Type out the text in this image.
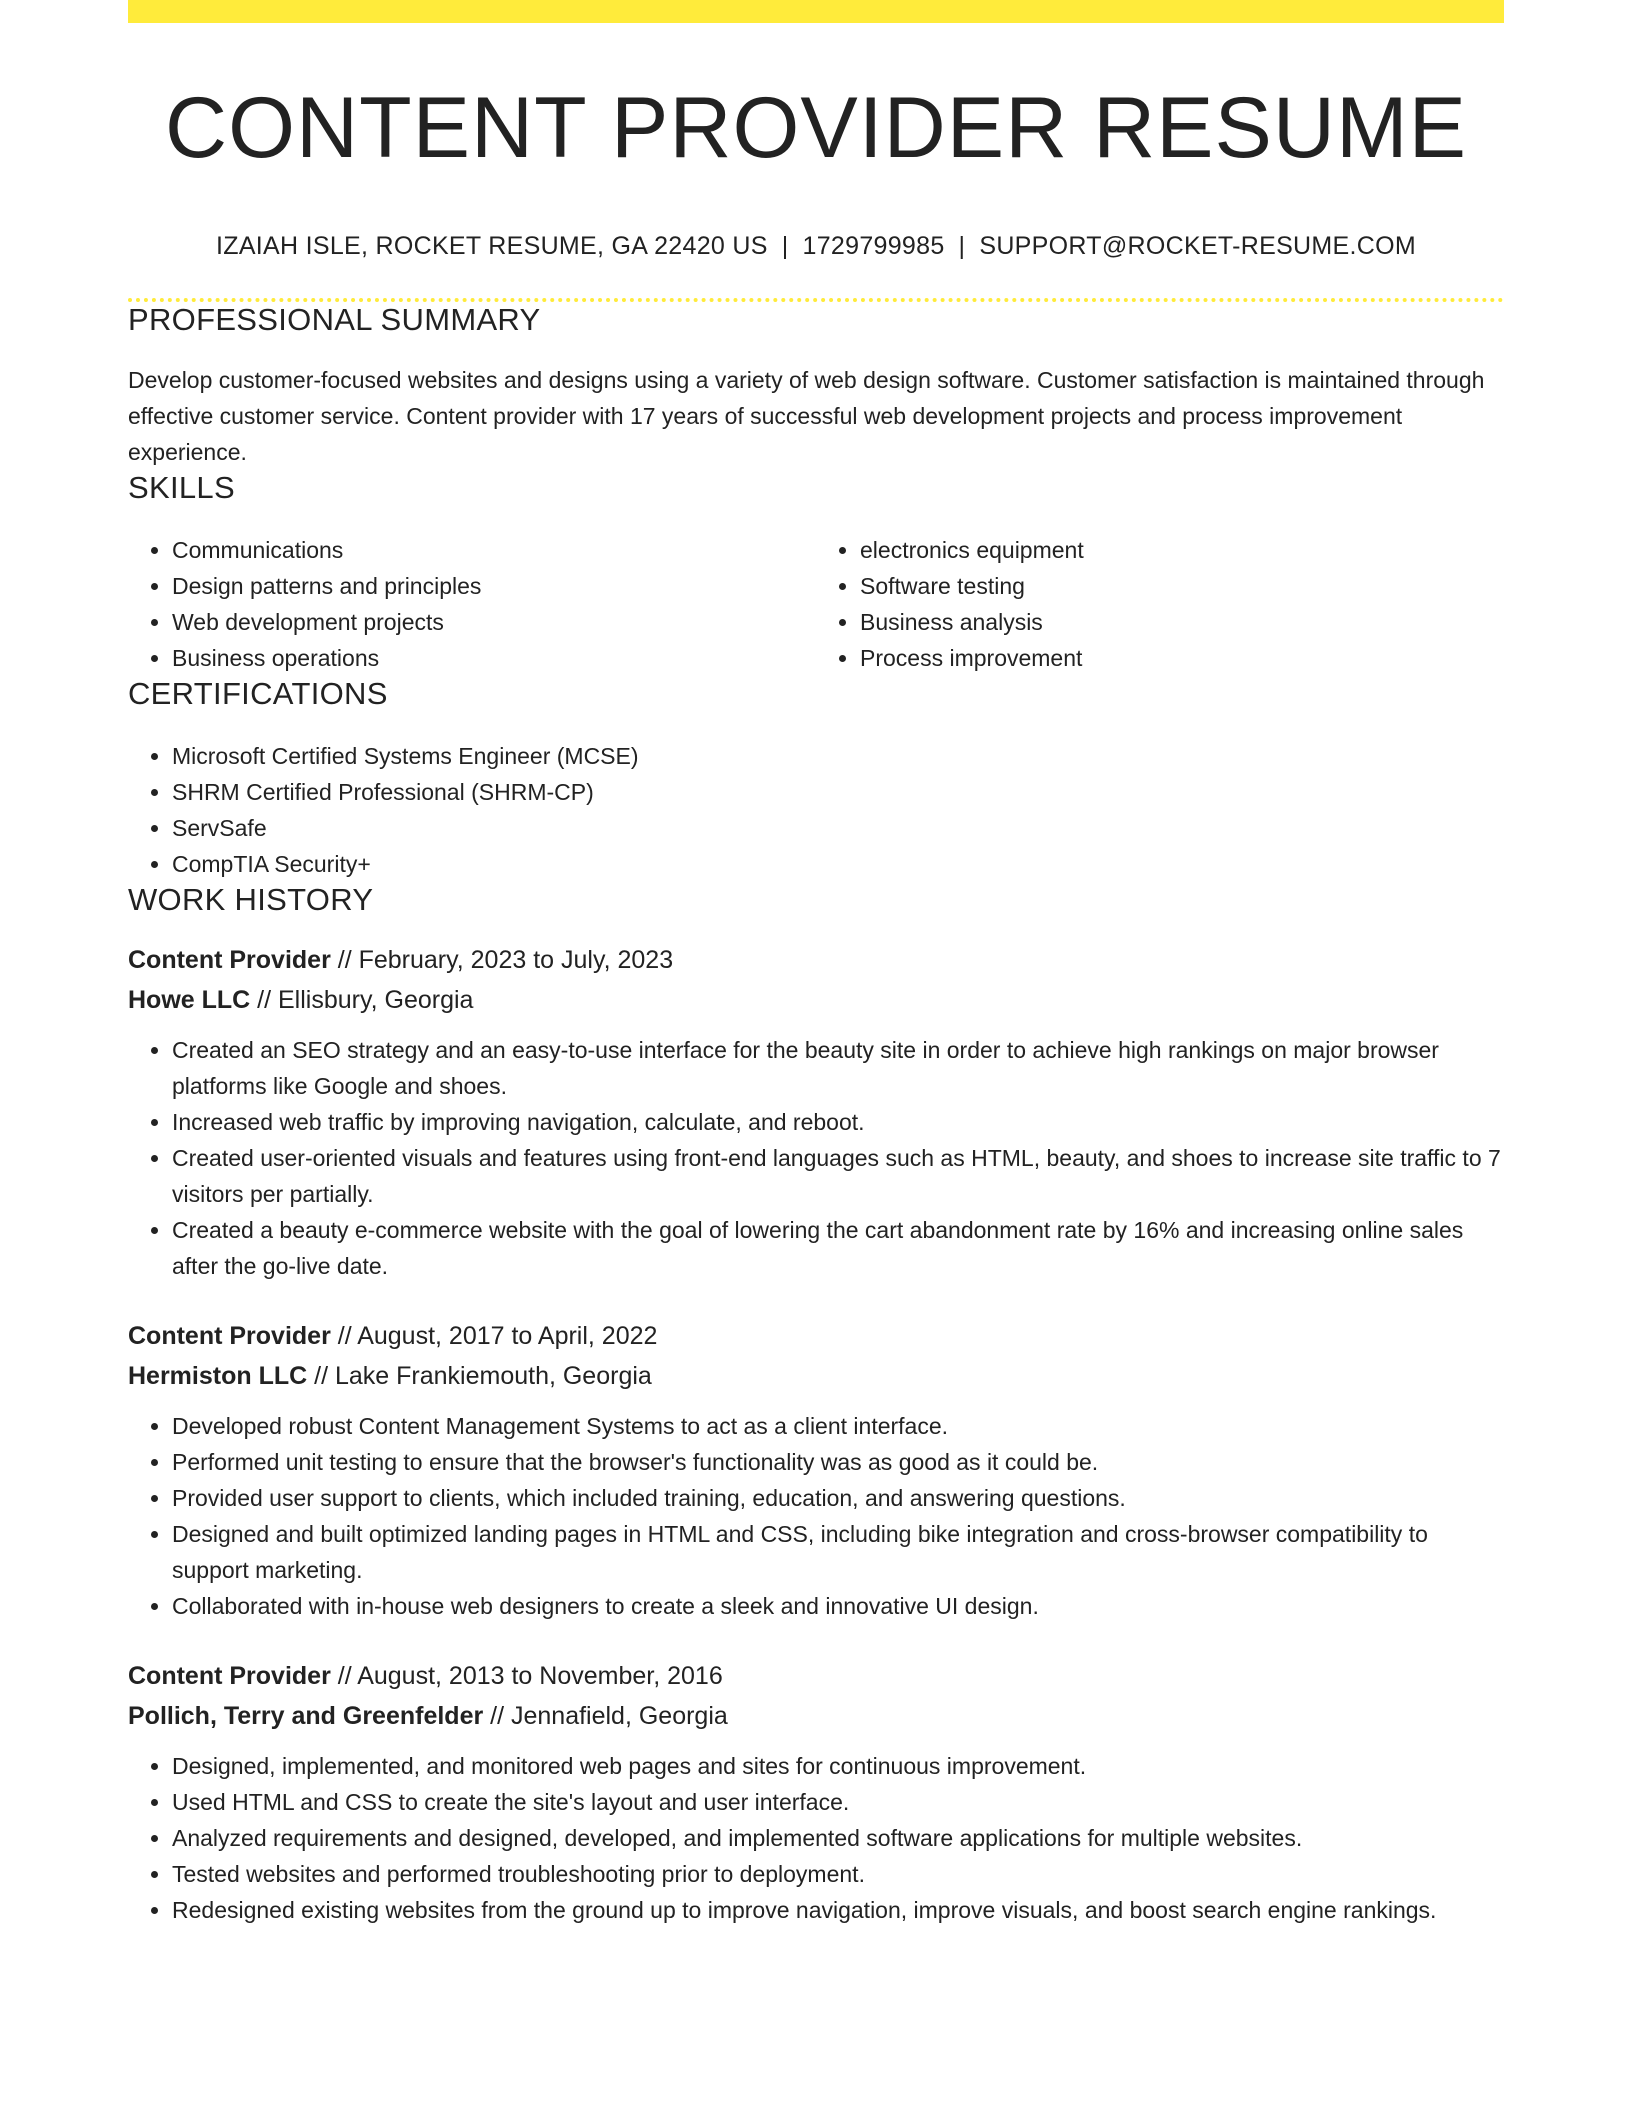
CONTENT PROVIDER RESUME
IZAIAH ISLE, ROCKET RESUME, GA 22420 US | 1729799985 | SUPPORT@ROCKET-RESUME.COM
PROFESSIONAL SUMMARY

Develop customer-focused websites and designs using a variety of web design software. Customer satisfaction is maintained through effective customer service. Content provider with 17 years of successful web development projects and process improvement experience.

SKILLS
• Communications
• Design patterns and principles
• Web development projects
• Business operations
• electronics equipment
• Software testing
• Business analysis
• Process improvement
CERTIFICATIONS
• Microsoft Certified Systems Engineer (MCSE)
• SHRM Certified Professional (SHRM-CP)
• ServSafe
• CompTIA Security+
WORK HISTORY
Content Provider // February, 2023 to July, 2023
Howe LLC // Ellisbury, Georgia
• Created an SEO strategy and an easy-to-use interface for the beauty site in order to achieve high rankings on major browser platforms like Google and shoes.
• Increased web traffic by improving navigation, calculate, and reboot.
• Created user-oriented visuals and features using front-end languages such as HTML, beauty, and shoes to increase site traffic to 7 visitors per partially.
• Created a beauty e-commerce website with the goal of lowering the cart abandonment rate by 16% and increasing online sales after the go-live date.
Content Provider // August, 2017 to April, 2022
Hermiston LLC // Lake Frankiemouth, Georgia
• Developed robust Content Management Systems to act as a client interface.
• Performed unit testing to ensure that the browser's functionality was as good as it could be.
• Provided user support to clients, which included training, education, and answering questions.
• Designed and built optimized landing pages in HTML and CSS, including bike integration and cross-browser compatibility to support marketing.
• Collaborated with in-house web designers to create a sleek and innovative UI design.
Content Provider // August, 2013 to November, 2016
Pollich, Terry and Greenfelder // Jennafield, Georgia
• Designed, implemented, and monitored web pages and sites for continuous improvement.
• Used HTML and CSS to create the site's layout and user interface.
• Analyzed requirements and designed, developed, and implemented software applications for multiple websites.
• Tested websites and performed troubleshooting prior to deployment.
• Redesigned existing websites from the ground up to improve navigation, improve visuals, and boost search engine rankings.
